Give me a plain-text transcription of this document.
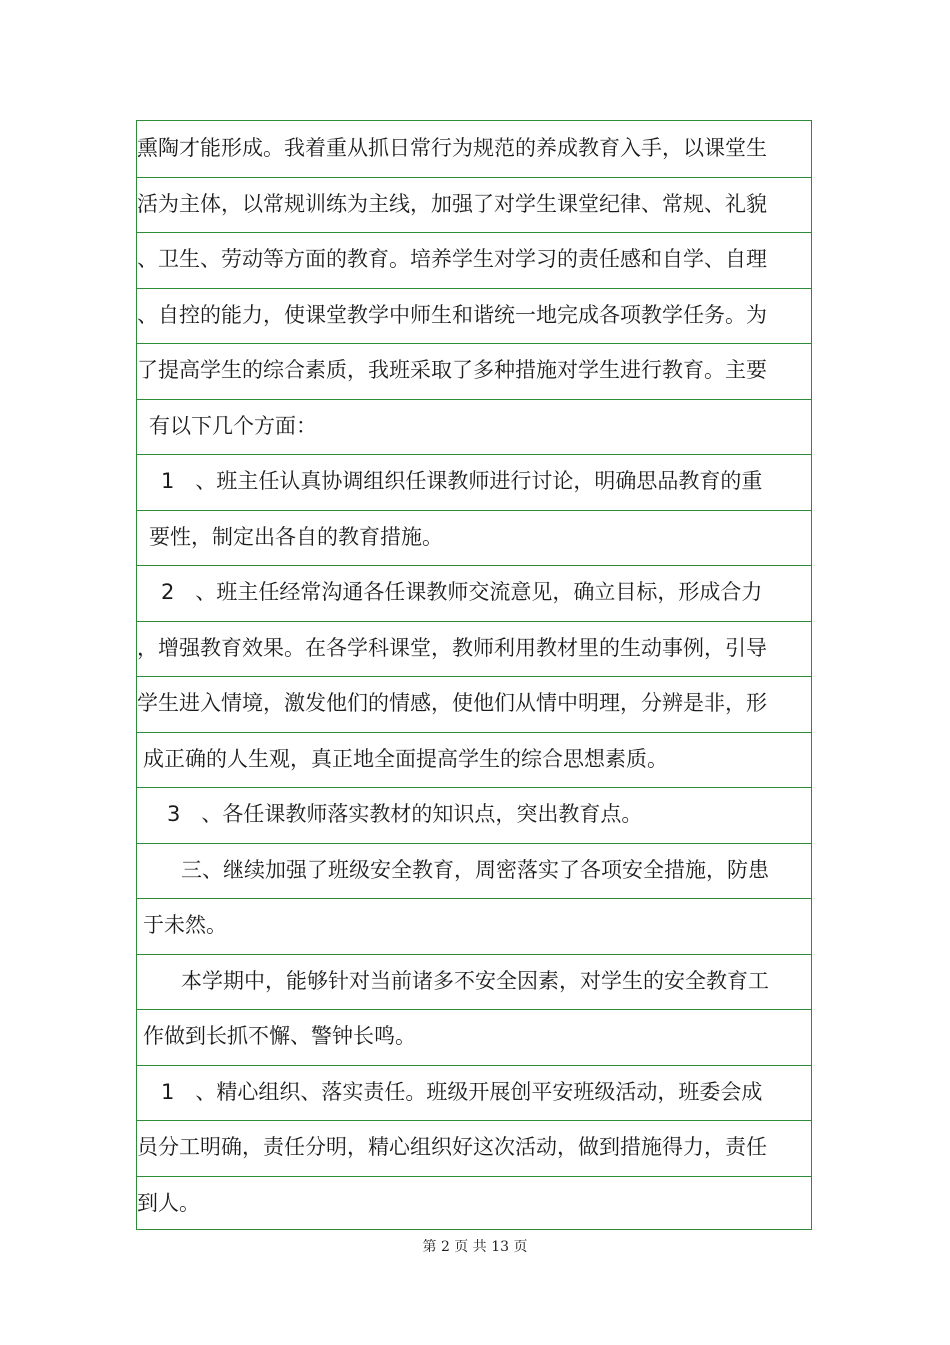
熏陶才能形成。我着重从抓日常行为规范的养成教育入手，以课堂生
活为主体，以常规训练为主线，加强了对学生课堂纪律、常规、礼貌
、卫生、劳动等方面的教育。培养学生对学习的责任感和自学、自理
、自控的能力，使课堂教学中师生和谐统一地完成各项教学任务。为
了提高学生的综合素质，我班采取了多种措施对学生进行教育。主要
有以下几个方面：
1　、班主任认真协调组织任课教师进行讨论，明确思品教育的重
要性，制定出各自的教育措施。
2　、班主任经常沟通各任课教师交流意见，确立目标，形成合力
，增强教育效果。在各学科课堂，教师利用教材里的生动事例，引导
学生进入情境，激发他们的情感，使他们从情中明理，分辨是非，形
成正确的人生观，真正地全面提高学生的综合思想素质。
3　、各任课教师落实教材的知识点，突出教育点。
三、继续加强了班级安全教育，周密落实了各项安全措施，防患
于未然。
本学期中，能够针对当前诸多不安全因素，对学生的安全教育工
作做到长抓不懈、警钟长鸣。
1　、精心组织、落实责任。班级开展创平安班级活动，班委会成
员分工明确，责任分明，精心组织好这次活动，做到措施得力，责任
到人。
第 2 页 共 13 页
